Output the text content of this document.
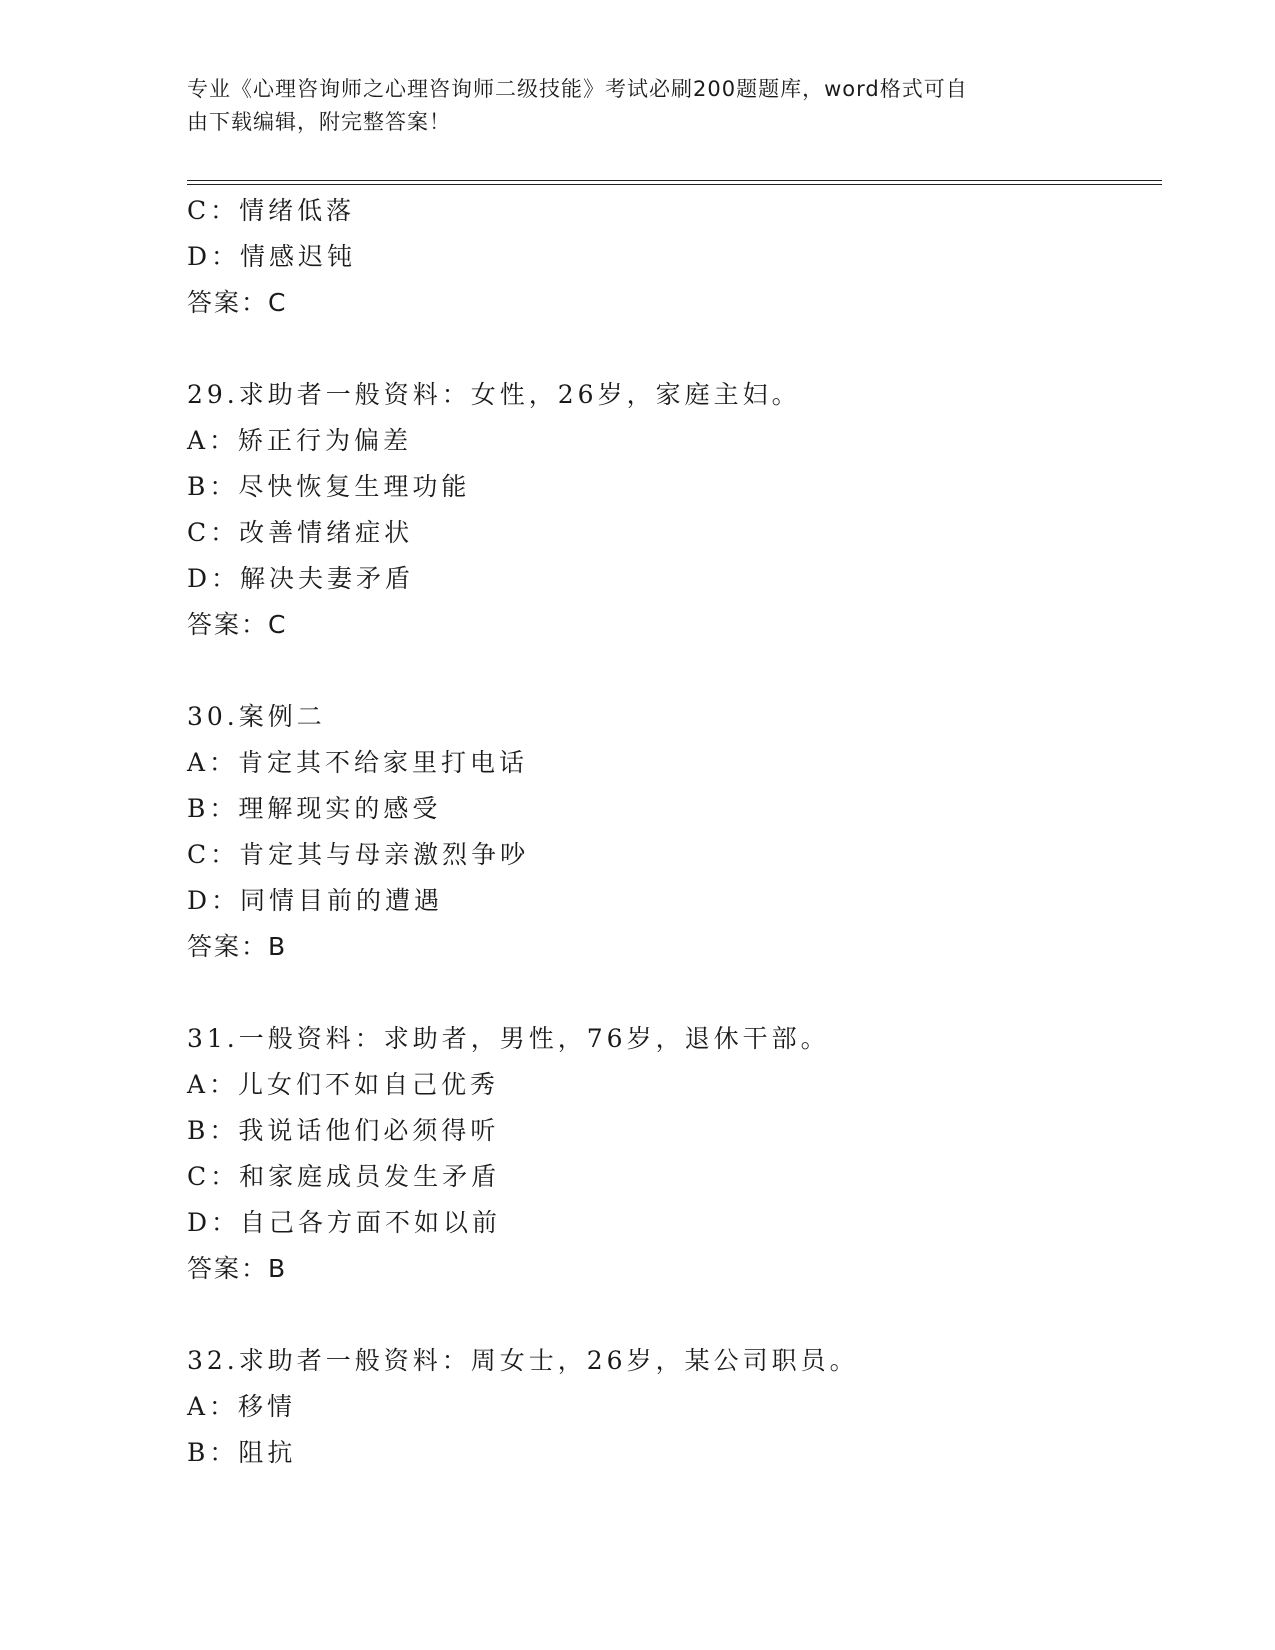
专业《心理咨询师之心理咨询师二级技能》考试必刷200题题库，word格式可自
由下载编辑，附完整答案！
C：情绪低落
D：情感迟钝
答案：C
29.求助者一般资料：女性，26岁，家庭主妇。
A：矫正行为偏差
B：尽快恢复生理功能
C：改善情绪症状
D：解决夫妻矛盾
答案：C
30.案例二
A：肯定其不给家里打电话
B：理解现实的感受
C：肯定其与母亲激烈争吵
D：同情目前的遭遇
答案：B
31.一般资料：求助者，男性，76岁，退休干部。
A：儿女们不如自己优秀
B：我说话他们必须得听
C：和家庭成员发生矛盾
D：自己各方面不如以前
答案：B
32.求助者一般资料：周女士，26岁，某公司职员。
A：移情
B：阻抗
